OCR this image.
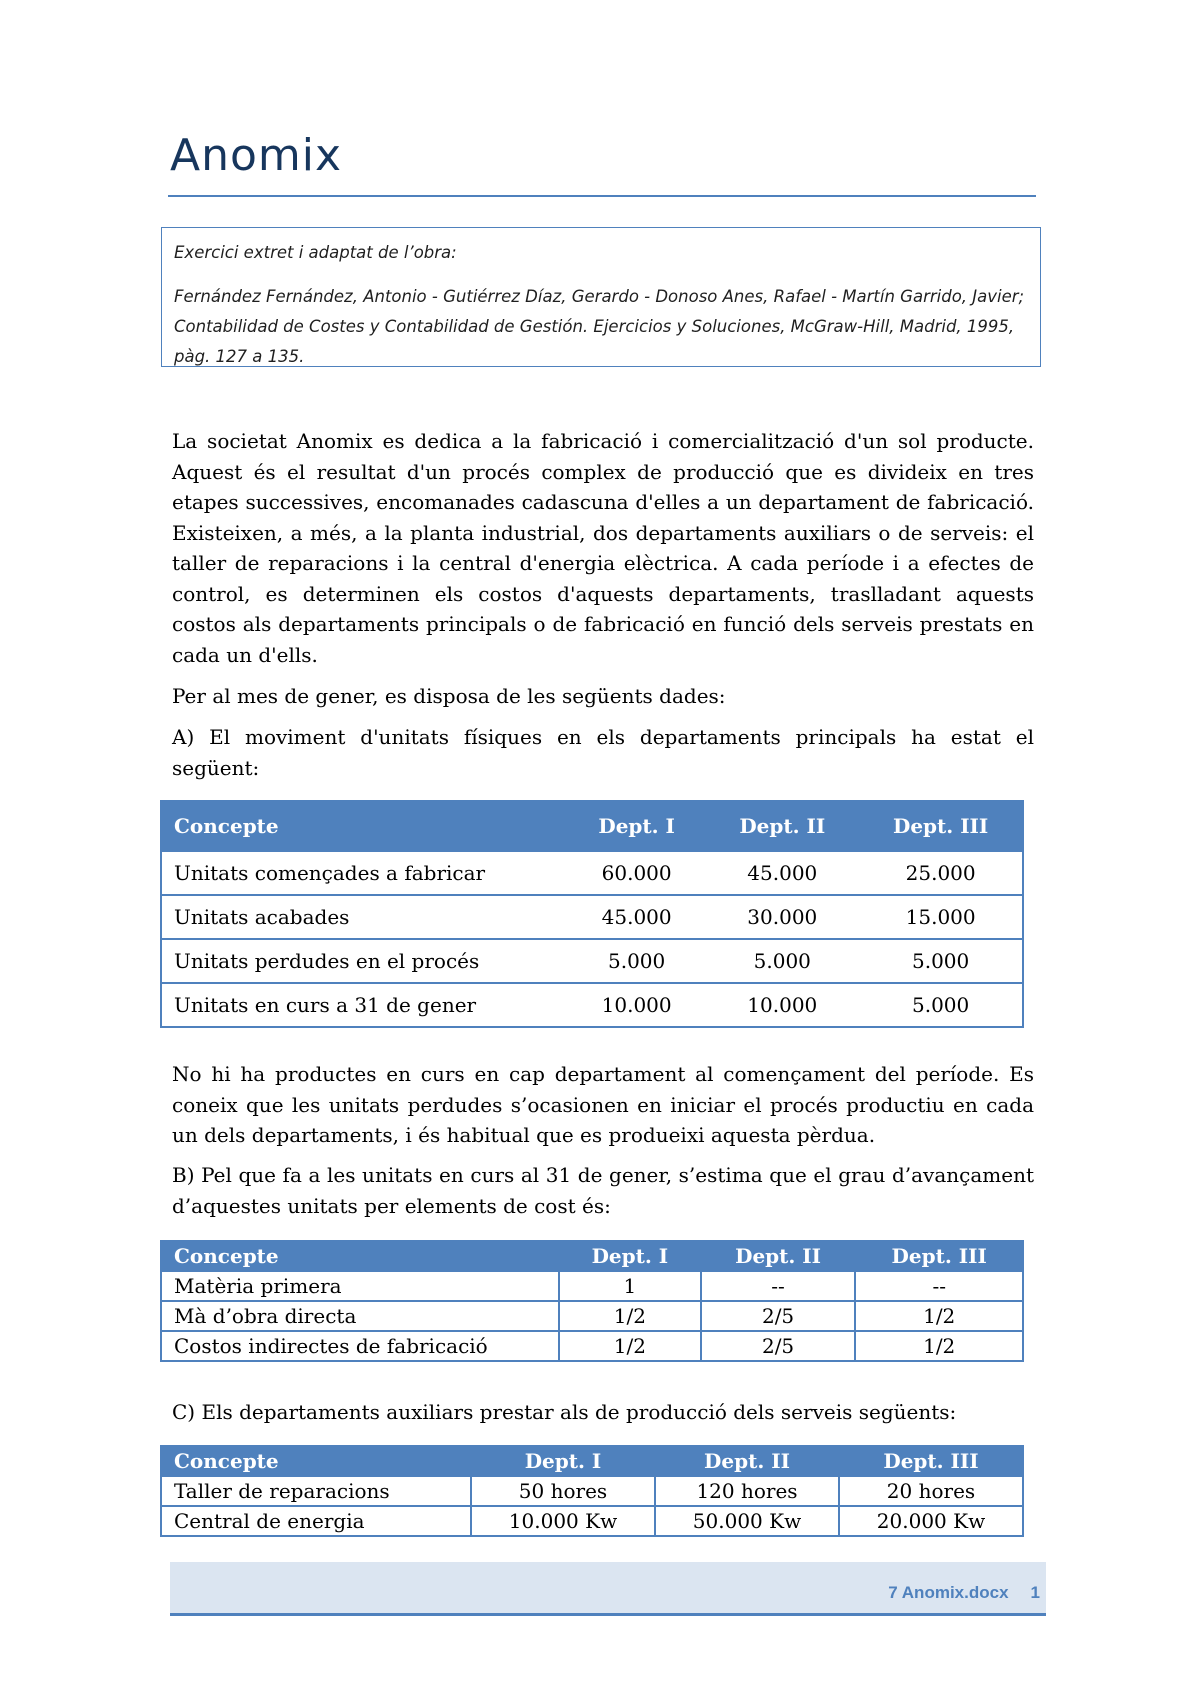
Anomix

Exercici extret i adaptat de l’obra:

Fernández Fernández, Antonio - Gutiérrez Díaz, Gerardo - Donoso Anes, Rafael - Martín Garrido, Javier; Contabilidad de Costes y Contabilidad de Gestión. Ejercicios y Soluciones, McGraw-Hill, Madrid, 1995, pàg. 127 a 135.

La societat Anomix es dedica a la fabricació i comercialització d'un sol producte. Aquest és el resultat d'un procés complex de producció que es divideix en tres etapes successives, encomanades cadascuna d'elles a un departament de fabricació. Existeixen, a més, a la planta industrial, dos departaments auxiliars o de serveis: el taller de reparacions i la central d'energia elèctrica. A cada període i a efectes de control, es determinen els costos d'aquests departaments, traslladant aquests costos als departaments principals o de fabricació en funció dels serveis prestats en cada un d'ells.

Per al mes de gener, es disposa de les següents dades:

A) El moviment d'unitats físiques en els departaments principals ha estat el següent:

Concepte	Dept. I	Dept. II	Dept. III
Unitats començades a fabricar	60.000	45.000	25.000
Unitats acabades	45.000	30.000	15.000
Unitats perdudes en el procés	5.000	5.000	5.000
Unitats en curs a 31 de gener	10.000	10.000	5.000

No hi ha productes en curs en cap departament al començament del període. Es coneix que les unitats perdudes s’ocasionen en iniciar el procés productiu en cada un dels departaments, i és habitual que es produeixi aquesta pèrdua.

B) Pel que fa a les unitats en curs al 31 de gener, s’estima que el grau d’avançament d’aquestes unitats per elements de cost és:

Concepte	Dept. I	Dept. II	Dept. III
Matèria primera	1	--	--
Mà d’obra directa	1/2	2/5	1/2
Costos indirectes de fabricació	1/2	2/5	1/2

C) Els departaments auxiliars prestar als de producció dels serveis següents:

Concepte	Dept. I	Dept. II	Dept. III
Taller de reparacions	50 hores	120 hores	20 hores
Central de energia	10.000 Kw	50.000 Kw	20.000 Kw
7 Anomix.docx 1
